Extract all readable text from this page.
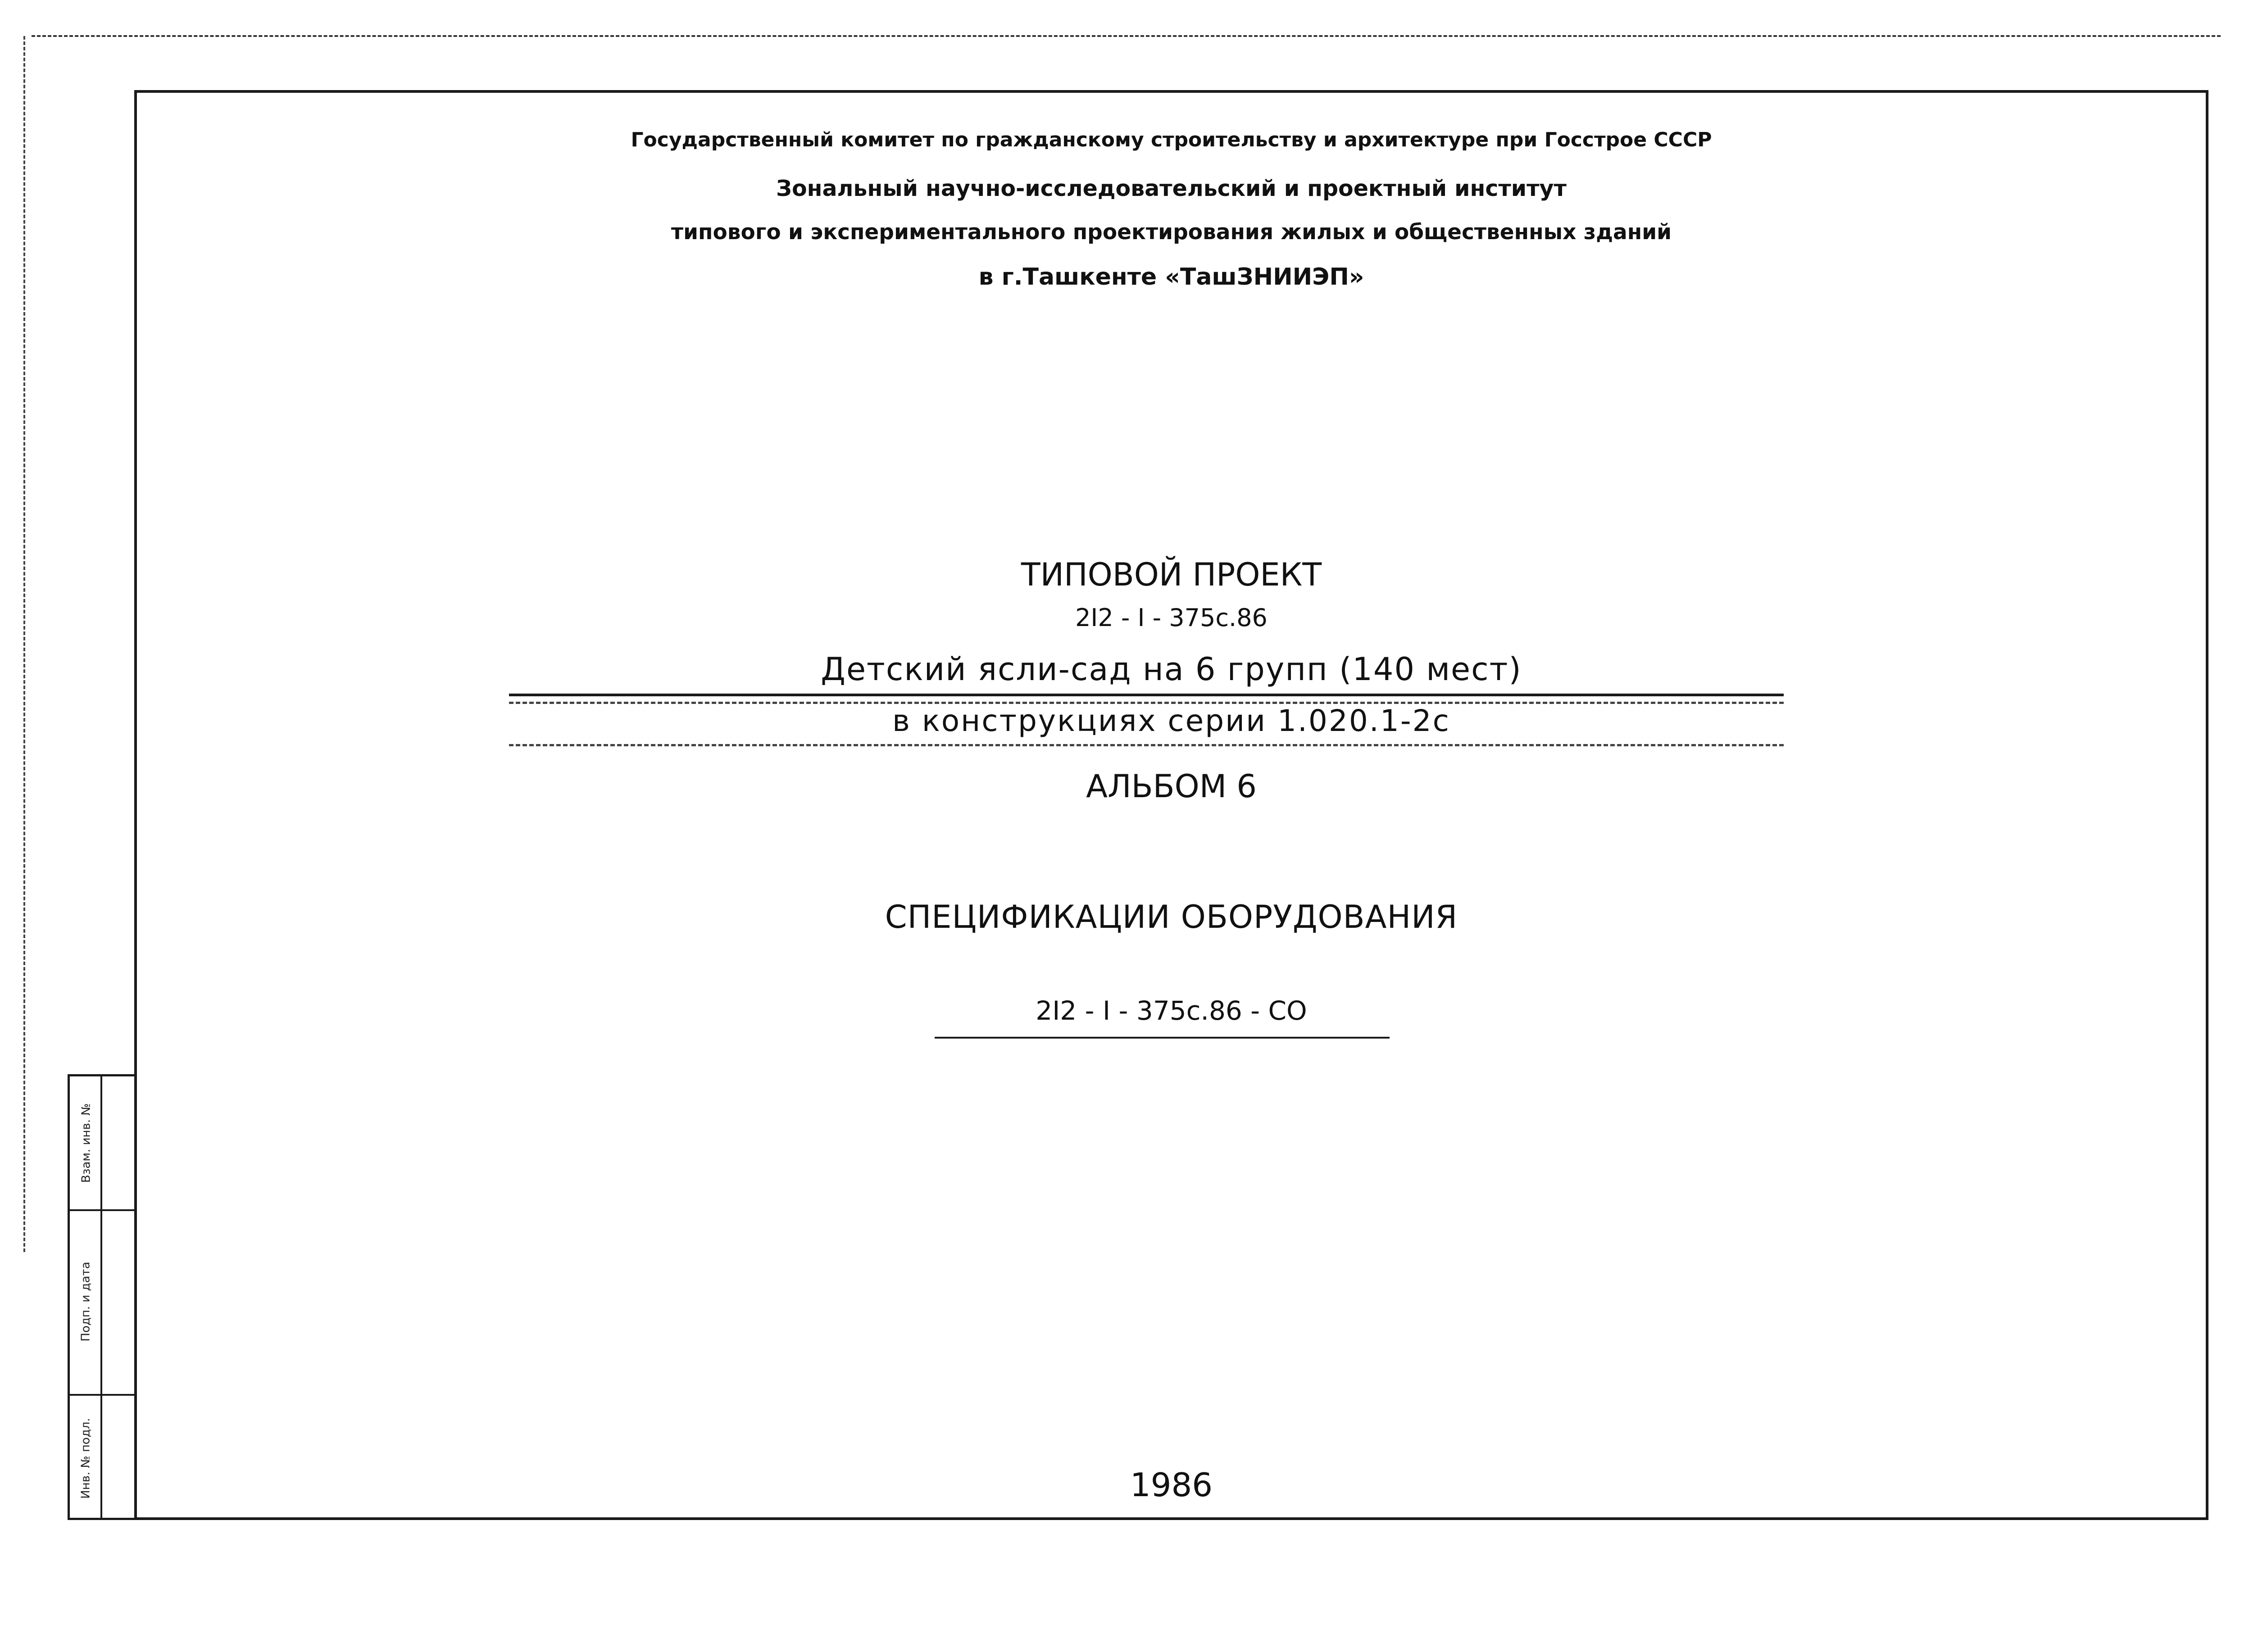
Взам. инв. №
Подп. и дата
Инв. № подл.
Государственный комитет по гражданскому строительству и архитектуре при Госстрое СССР
Зональный научно-исследовательский и проектный институт
типового и экспериментального проектирования жилых и общественных зданий
в г.Ташкенте «ТашЗНИИЭП»
ТИПОВОЙ ПРОЕКТ
2I2 - I - 375с.86
Детский ясли-сад на 6 групп (140 мест)
в конструкциях серии 1.020.1-2с
АЛЬБОМ 6
СПЕЦИФИКАЦИИ ОБОРУДОВАНИЯ
2I2 - I - 375с.86 - СО
1986
